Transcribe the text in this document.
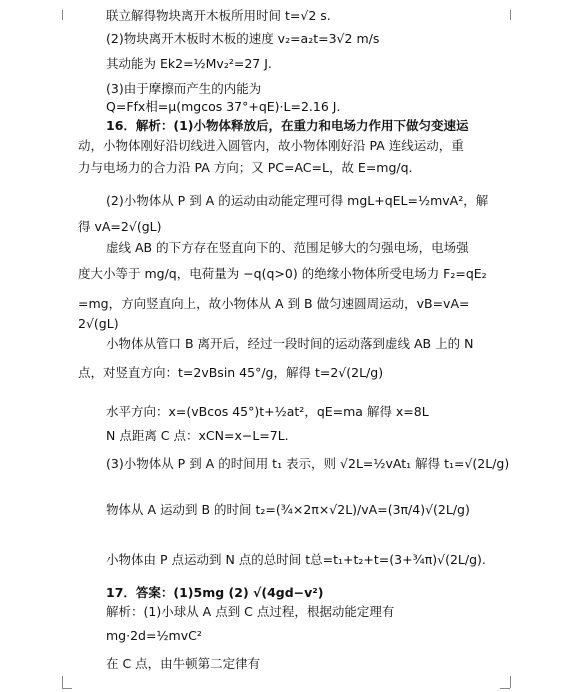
联立解得物块离开木板所用时间 t=√2 s.
(2)物块离开木板时木板的速度 v₂=a₂t=3√2 m/s
其动能为 Ek2=½Mv₂²=27 J.
(3)由于摩擦而产生的内能为
Q=Ffx相=μ(mgcos 37°+qE)·L=2.16 J.
16．解析：(1)小物体释放后，在重力和电场力作用下做匀变速运
动，小物体刚好沿切线进入圆管内，故小物体刚好沿 PA 连线运动，重
力与电场力的合力沿 PA 方向；又 PC=AC=L，故 E=mg/q.
(2)小物体从 P 到 A 的运动由动能定理可得 mgL+qEL=½mvA²，解
得 vA=2√(gL)
虚线 AB 的下方存在竖直向下的、范围足够大的匀强电场，电场强
度大小等于 mg/q，电荷量为 −q(q>0) 的绝缘小物体所受电场力 F₂=qE₂
=mg，方向竖直向上，故小物体从 A 到 B 做匀速圆周运动，vB=vA=
2√(gL)
小物体从管口 B 离开后，经过一段时间的运动落到虚线 AB 上的 N
点，对竖直方向：t=2vBsin 45°/g，解得 t=2√(2L/g)
水平方向：x=(vBcos 45°)t+½at²，qE=ma 解得 x=8L
N 点距离 C 点：xCN=x−L=7L.
(3)小物体从 P 到 A 的时间用 t₁ 表示，则 √2L=½vAt₁ 解得 t₁=√(2L/g)
物体从 A 运动到 B 的时间 t₂=(¾×2π×√2L)/vA=(3π/4)√(2L/g)
小物体由 P 点运动到 N 点的总时间 t总=t₁+t₂+t=(3+¾π)√(2L/g).
17．答案：(1)5mg (2) √(4gd−v²)
解析：(1)小球从 A 点到 C 点过程，根据动能定理有
mg·2d=½mvC²
在 C 点，由牛顿第二定律有
